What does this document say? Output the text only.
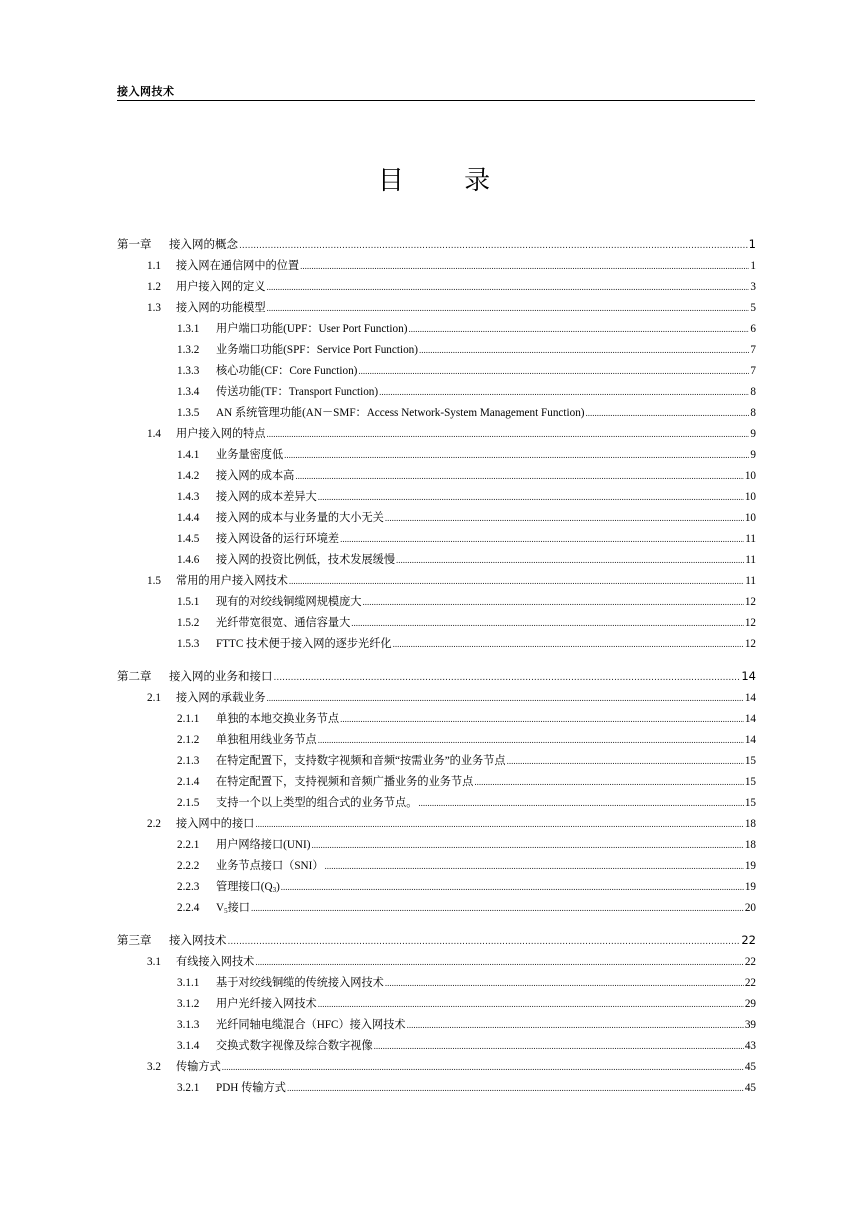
接入网技术
目 录
第一章	接入网的概念 .....	1
1.1	接入网在通信网中的位置 .....	1
1.2	用户接入网的定义 .....	3
1.3	接入网的功能模型 .....	5
1.3.1	用户端口功能(UPF：User Port Function) .....	6
1.3.2	业务端口功能(SPF：Service Port Function) .....	7
1.3.3	核心功能(CF：Core Function) .....	7
1.3.4	传送功能(TF：Transport Function) .....	8
1.3.5	AN 系统管理功能(AN－SMF：Access Network-System Management Function) .....	8
1.4	用户接入网的特点 .....	9
1.4.1	业务量密度低 .....	9
1.4.2	接入网的成本高 .....	10
1.4.3	接入网的成本差异大 .....	10
1.4.4	接入网的成本与业务量的大小无关 .....	10
1.4.5	接入网设备的运行环境差 .....	11
1.4.6	接入网的投资比例低，技术发展缓慢 .....	11
1.5	常用的用户接入网技术 .....	11
1.5.1	现有的对绞线铜缆网规模庞大 .....	12
1.5.2	光纤带宽很宽、通信容量大 .....	12
1.5.3	FTTC 技术便于接入网的逐步光纤化 .....	12
第二章	接入网的业务和接口 .....	14
2.1	接入网的承载业务 .....	14
2.1.1	单独的本地交换业务节点 .....	14
2.1.2	单独租用线业务节点 .....	14
2.1.3	在特定配置下，支持数字视频和音频“按需业务”的业务节点 .....	15
2.1.4	在特定配置下，支持视频和音频广播业务的业务节点 .....	15
2.1.5	支持一个以上类型的组合式的业务节点。 .....	15
2.2	接入网中的接口 .....	18
2.2.1	用户网络接口(UNI) .....	18
2.2.2	业务节点接口（SNI） .....	19
2.2.3	管理接口$(Q_3)$ .....	19
2.2.4	$V_5$接口 .....	20
第三章	接入网技术 .....	22
3.1	有线接入网技术 .....	22
3.1.1	基于对绞线铜缆的传统接入网技术 .....	22
3.1.2	用户光纤接入网技术 .....	29
3.1.3	光纤同轴电缆混合（HFC）接入网技术 .....	39
3.1.4	交换式数字视像及综合数字视像 .....	43
3.2	传输方式 .....	45
3.2.1	PDH 传输方式 .....	45
